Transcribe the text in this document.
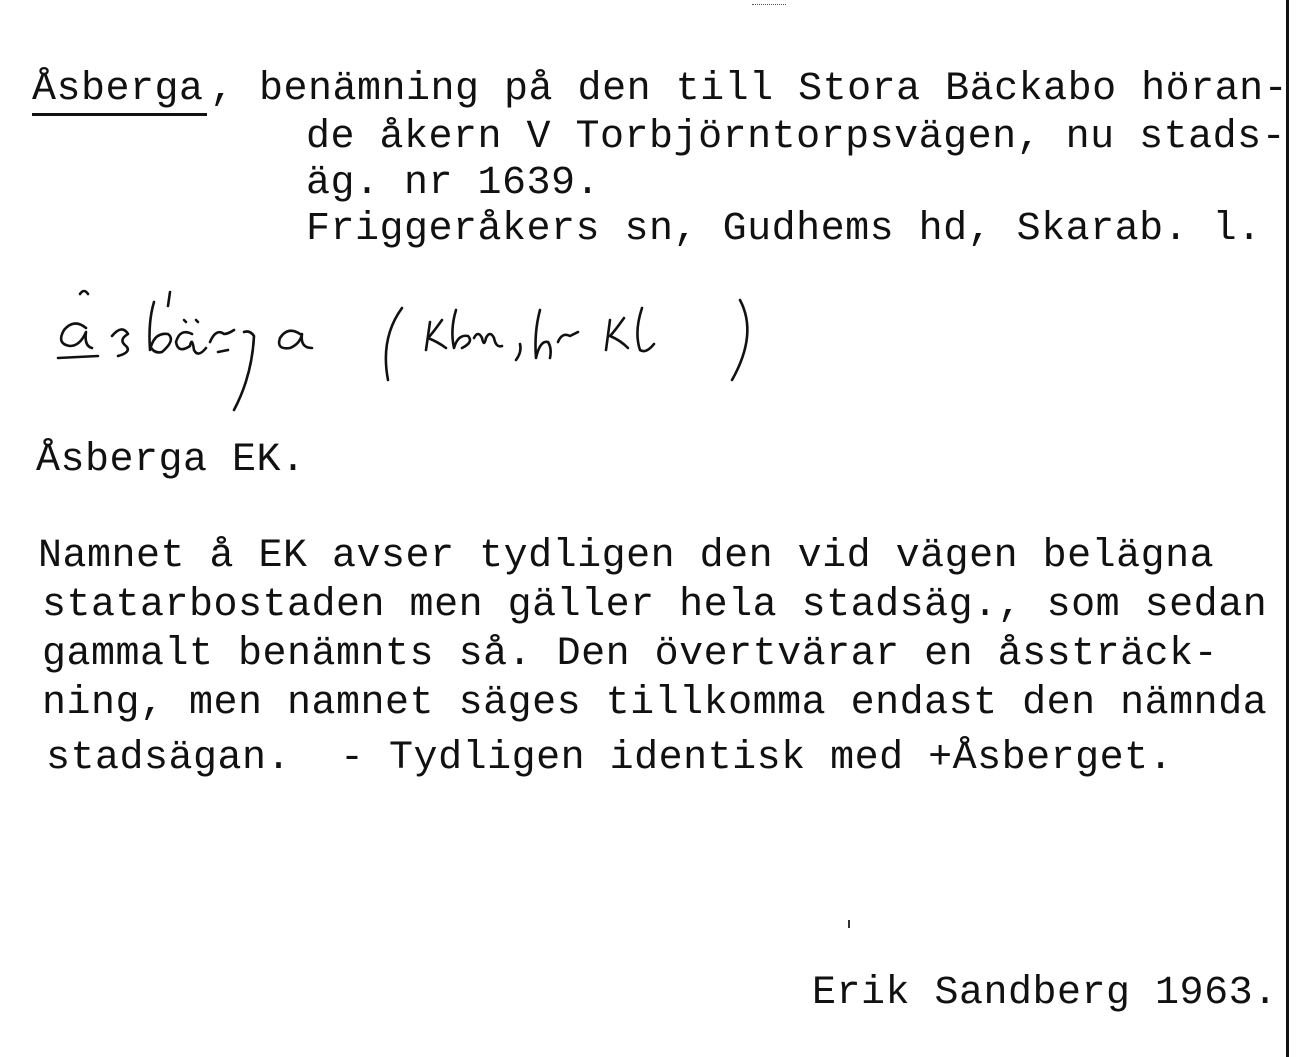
Åsberga , benämning på den till Stora Bäckabo höran-
de åkern V Torbjörntorpsvägen, nu stads-
äg. nr 1639.
Friggeråkers sn, Gudhems hd, Skarab. l.
Åsberga EK.
Namnet å EK avser tydligen den vid vägen belägna
statarbostaden men gäller hela stadsäg., som sedan
gammalt benämnts så. Den övertvärar en åssträck-
ning, men namnet säges tillkomma endast den nämnda
stadsägan.  - Tydligen identisk med +Åsberget.
Erik Sandberg 1963.
